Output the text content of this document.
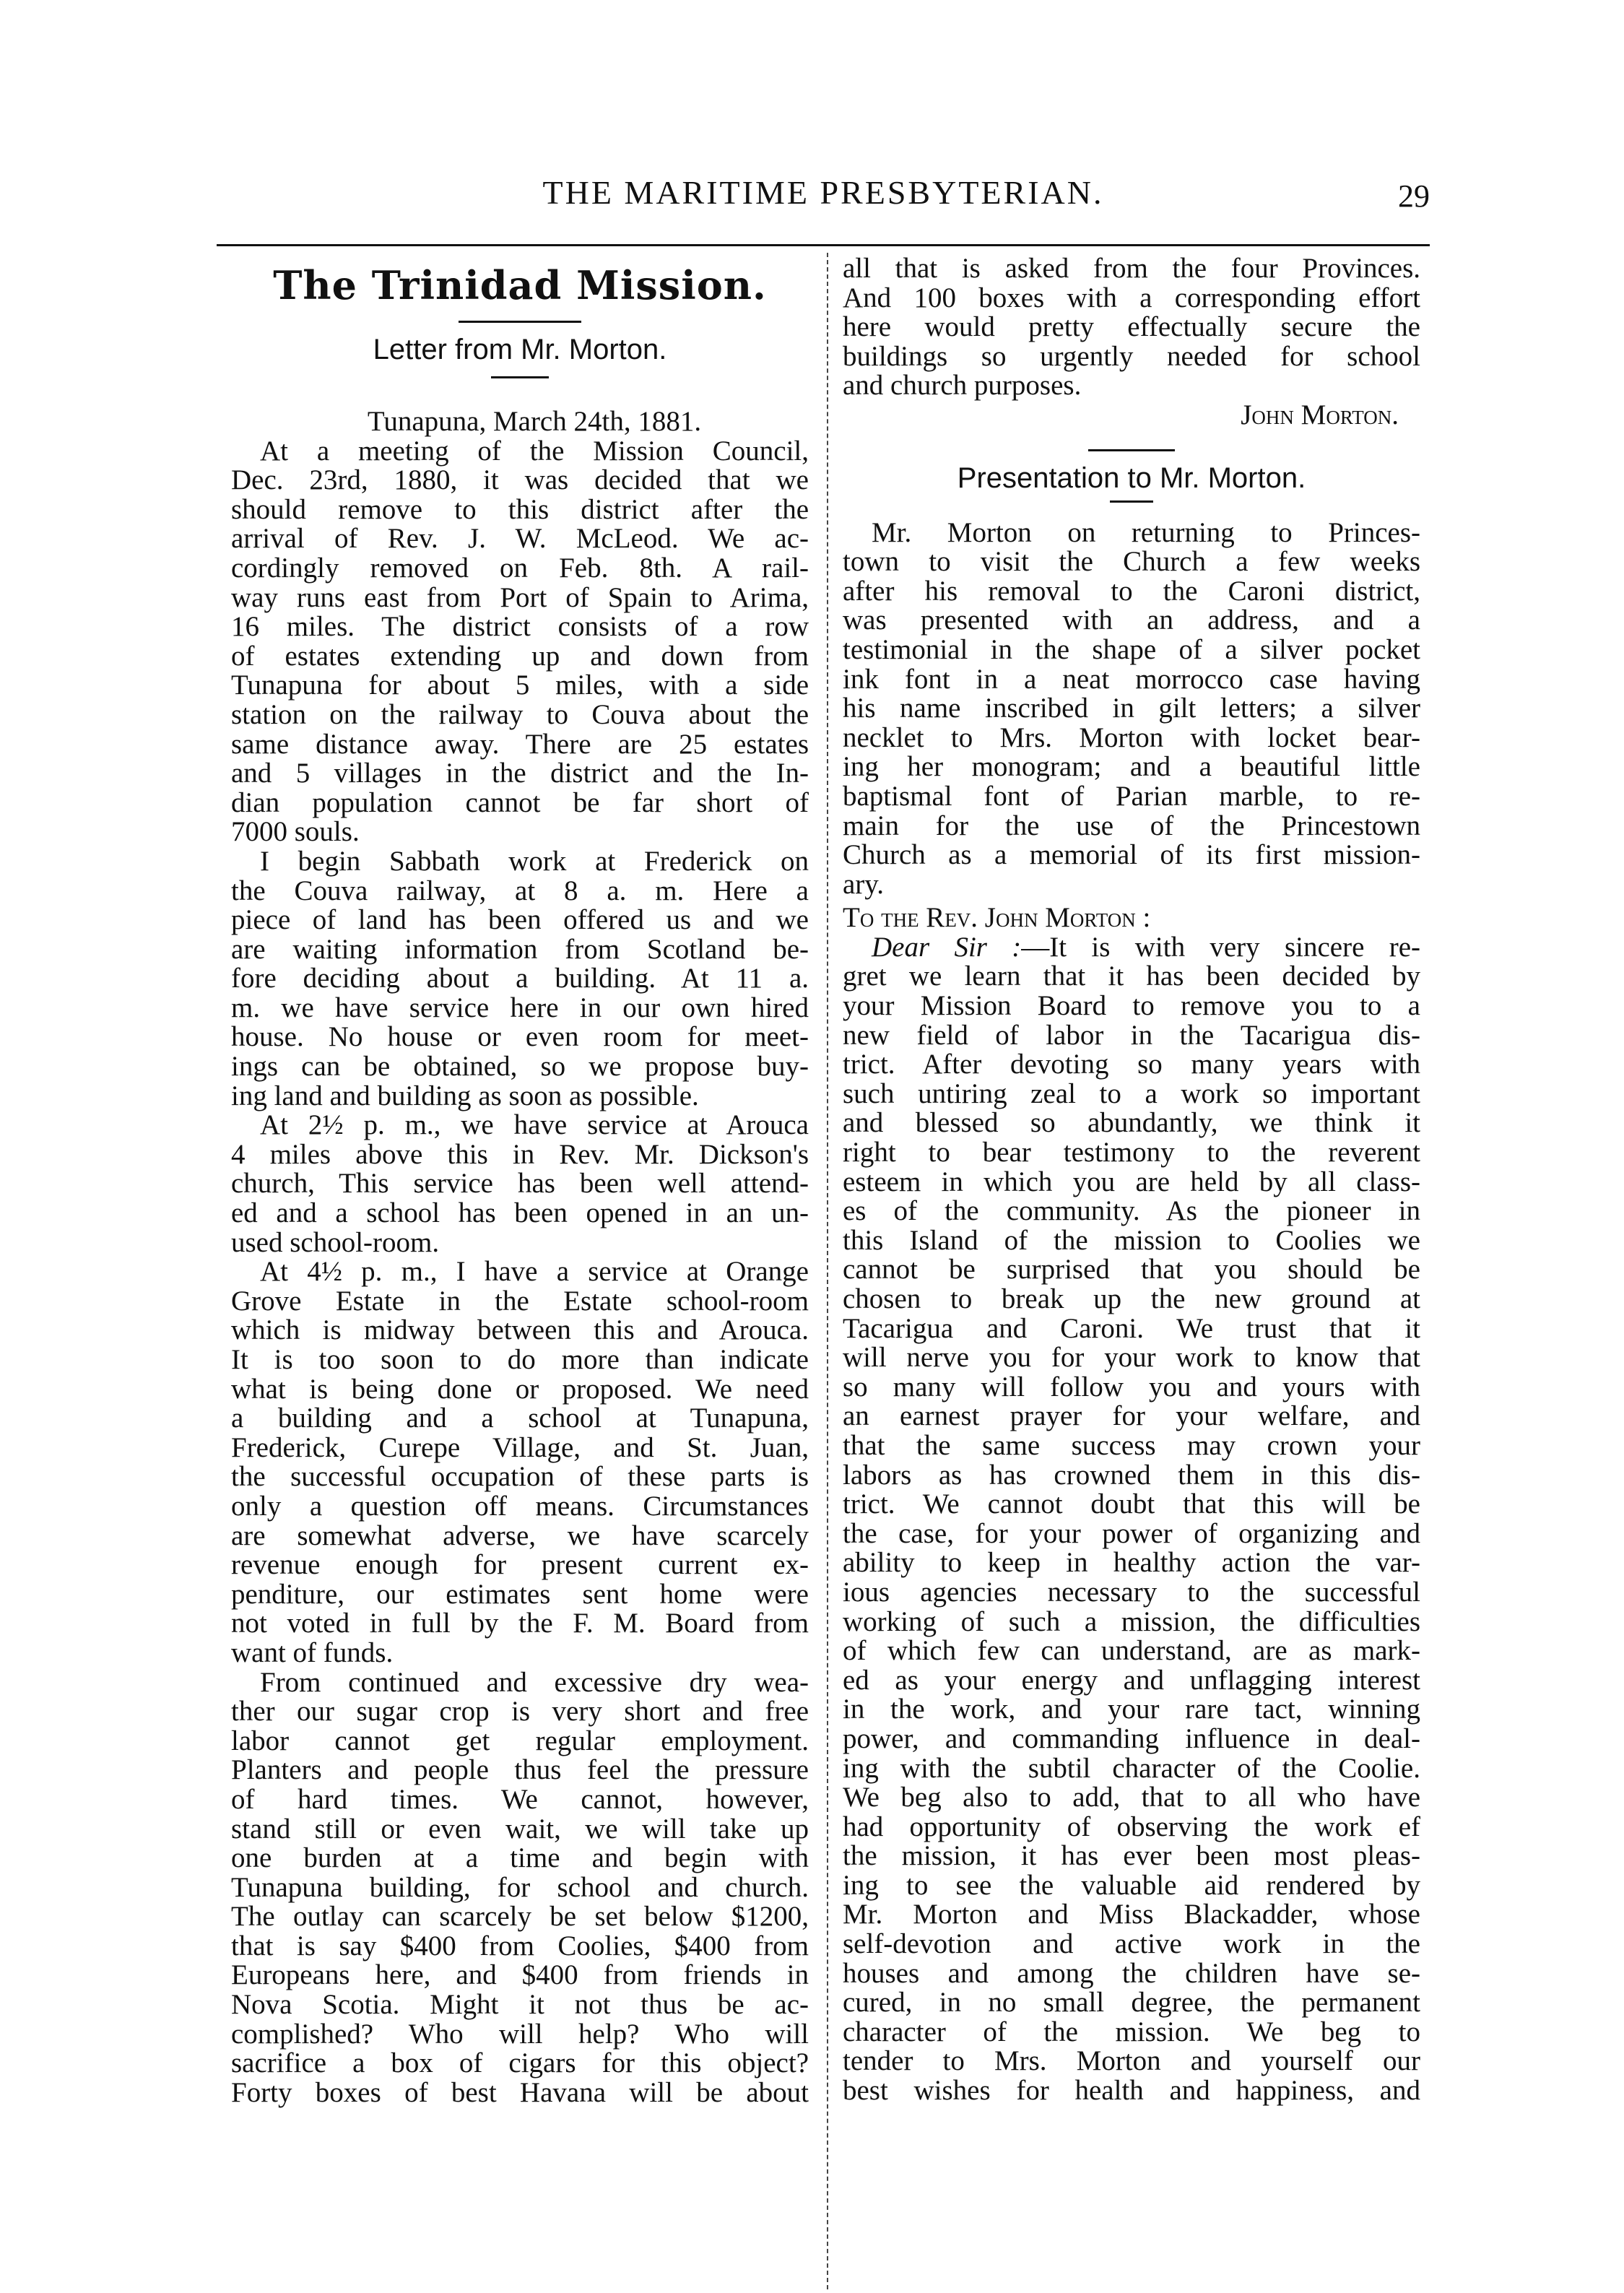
THE MARITIME PRESBYTERIAN.	29
The Trinidad Mission.
Letter from Mr. Morton.
Tunapuna, March 24th, 1881.
At a meeting of the Mission Council,
Dec. 23rd, 1880, it was decided that we
should remove to this district after the
arrival of Rev. J. W. McLeod. We ac-
cordingly removed on Feb. 8th. A rail-
way runs east from Port of Spain to Arima,
16 miles. The district consists of a row
of estates extending up and down from
Tunapuna for about 5 miles, with a side
station on the railway to Couva about the
same distance away. There are 25 estates
and 5 villages in the district and the In-
dian population cannot be far short of
7000 souls.
I begin Sabbath work at Frederick on
the Couva railway, at 8 a. m. Here a
piece of land has been offered us and we
are waiting information from Scotland be-
fore deciding about a building. At 11 a.
m. we have service here in our own hired
house. No house or even room for meet-
ings can be obtained, so we propose buy-
ing land and building as soon as possible.
At 2½ p. m., we have service at Arouca
4 miles above this in Rev. Mr. Dickson's
church, This service has been well attend-
ed and a school has been opened in an un-
used school-room.
At 4½ p. m., I have a service at Orange
Grove Estate in the Estate school-room
which is midway between this and Arouca.
It is too soon to do more than indicate
what is being done or proposed. We need
a building and a school at Tunapuna,
Frederick, Curepe Village, and St. Juan,
the successful occupation of these parts is
only a question off means. Circumstances
are somewhat adverse, we have scarcely
revenue enough for present current ex-
penditure, our estimates sent home were
not voted in full by the F. M. Board from
want of funds.
From continued and excessive dry wea-
ther our sugar crop is very short and free
labor cannot get regular employment.
Planters and people thus feel the pressure
of hard times. We cannot, however,
stand still or even wait, we will take up
one burden at a time and begin with
Tunapuna building, for school and church.
The outlay can scarcely be set below $1200,
that is say $400 from Coolies, $400 from
Europeans here, and $400 from friends in
Nova Scotia. Might it not thus be ac-
complished? Who will help? Who will
sacrifice a box of cigars for this object?
Forty boxes of best Havana will be about
all that is asked from the four Provinces.
And 100 boxes with a corresponding effort
here would pretty effectually secure the
buildings so urgently needed for school
and church purposes.
John Morton.
Presentation to Mr. Morton.
Mr. Morton on returning to Princes-
town to visit the Church a few weeks
after his removal to the Caroni district,
was presented with an address, and a
testimonial in the shape of a silver pocket
ink font in a neat morrocco case having
his name inscribed in gilt letters; a silver
necklet to Mrs. Morton with locket bear-
ing her monogram; and a beautiful little
baptismal font of Parian marble, to re-
main for the use of the Princestown
Church as a memorial of its first mission-
ary.
To the Rev. John Morton :
Dear Sir :—It is with very sincere re-
gret we learn that it has been decided by
your Mission Board to remove you to a
new field of labor in the Tacarigua dis-
trict. After devoting so many years with
such untiring zeal to a work so important
and blessed so abundantly, we think it
right to bear testimony to the reverent
esteem in which you are held by all class-
es of the community. As the pioneer in
this Island of the mission to Coolies we
cannot be surprised that you should be
chosen to break up the new ground at
Tacarigua and Caroni. We trust that it
will nerve you for your work to know that
so many will follow you and yours with
an earnest prayer for your welfare, and
that the same success may crown your
labors as has crowned them in this dis-
trict. We cannot doubt that this will be
the case, for your power of organizing and
ability to keep in healthy action the var-
ious agencies necessary to the successful
working of such a mission, the difficulties
of which few can understand, are as mark-
ed as your energy and unflagging interest
in the work, and your rare tact, winning
power, and commanding influence in deal-
ing with the subtil character of the Coolie.
We beg also to add, that to all who have
had opportunity of observing the work ef
the mission, it has ever been most pleas-
ing to see the valuable aid rendered by
Mr. Morton and Miss Blackadder, whose
self-devotion and active work in the
houses and among the children have se-
cured, in no small degree, the permanent
character of the mission. We beg to
tender to Mrs. Morton and yourself our
best wishes for health and happiness, and
